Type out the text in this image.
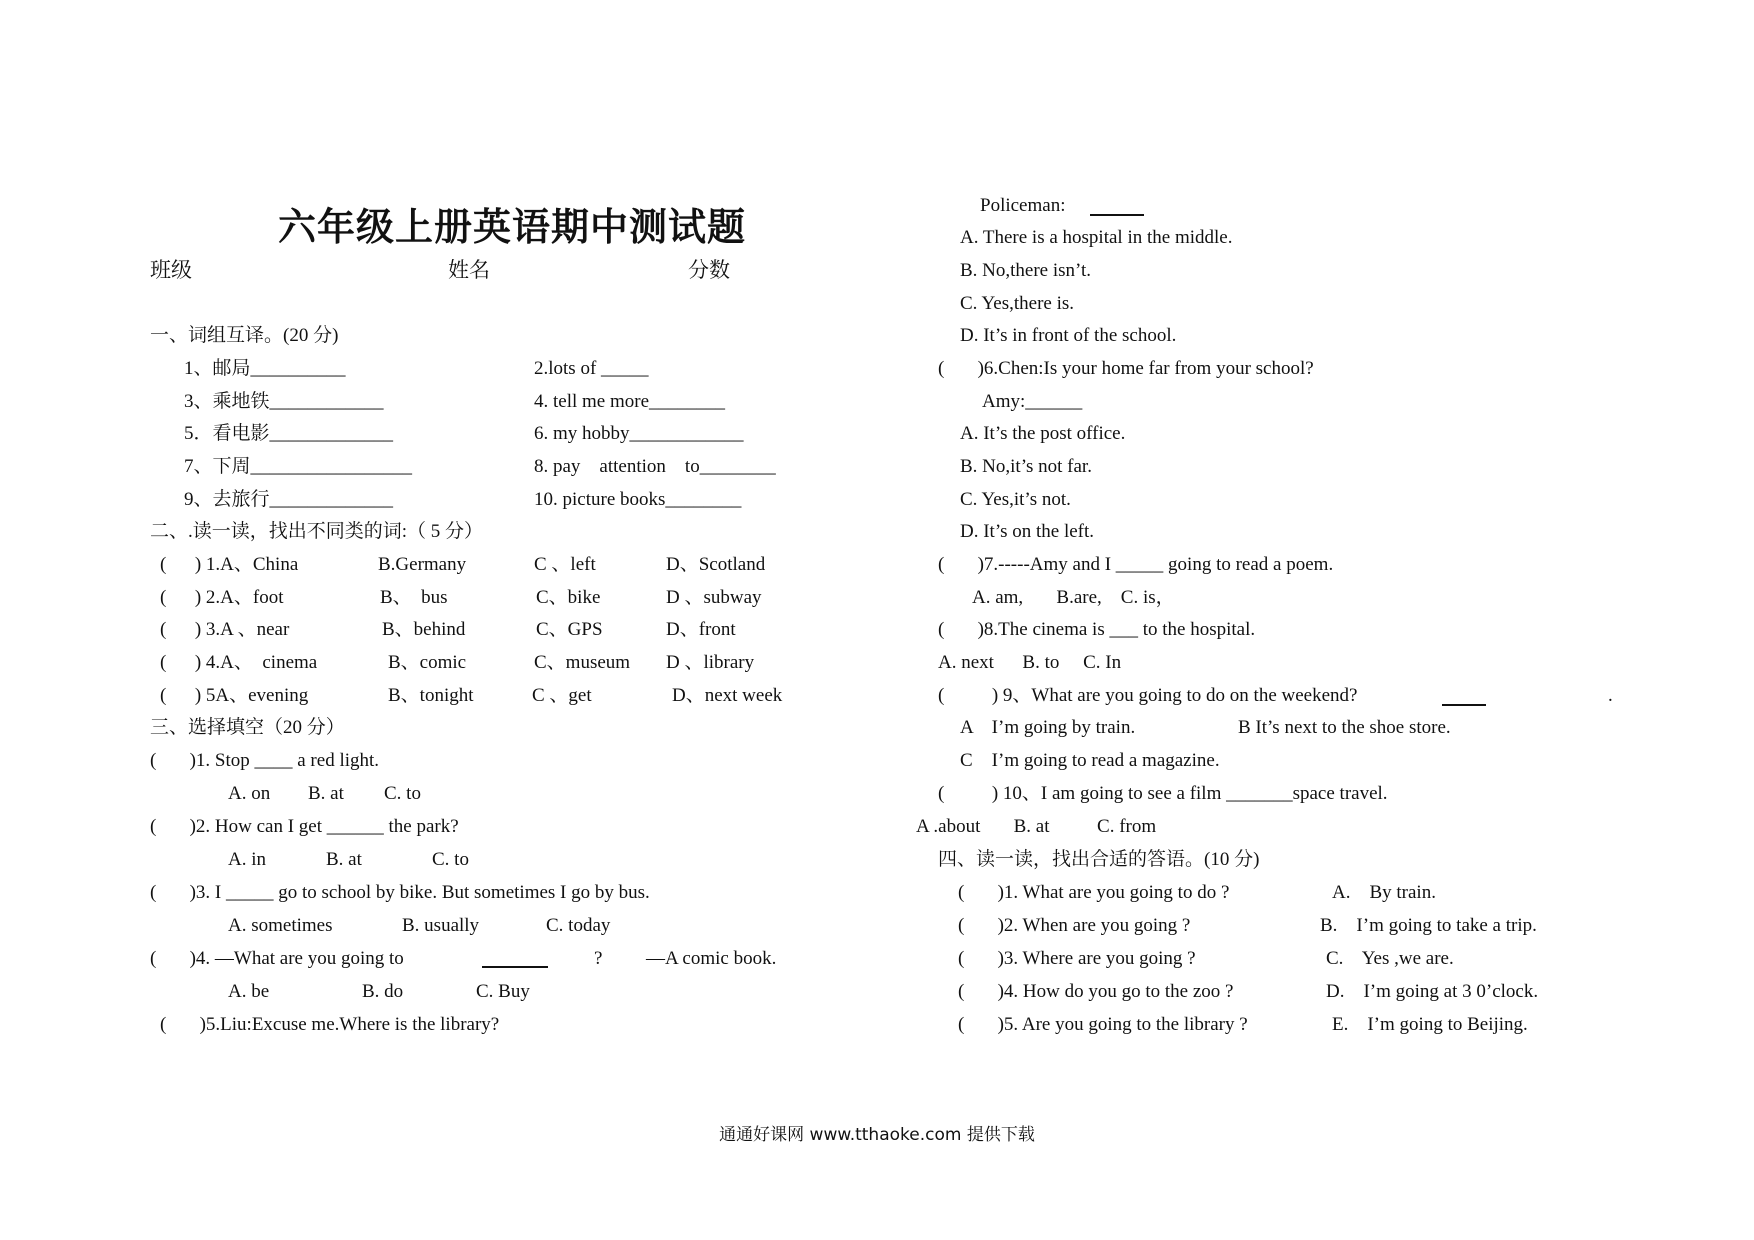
六年级上册英语期中测试题
班级	姓名	分数
一、词组互译。(20 分)
1、邮局__________	2.lots of _____
3、乘地铁____________	4. tell me more________
5．看电影_____________	6. my hobby____________
7、下周_________________	8. pay    attention    to________
9、去旅行_____________	10. picture books________
二、.读一读，找出不同类的词:（ 5 分）
(      ) 1.A、China	B.Germany	C 、left	D、Scotland
(      ) 2.A、foot	B、  bus	C、bike	D 、subway
(      ) 3.A 、near	B、behind	C、GPS	D、front
(      ) 4.A、  cinema	B、comic	C、museum D 、library
(      ) 5A、evening	B、tonight	C 、get	D、next week
三、选择填空（20 分）
(       )1. Stop ____ a red light.
A. on B. at C. to
(       )2. How can I get ______ the park?
A. in	B. at	C. to
(       )3. I _____ go to school by bike. But sometimes I go by bus.
A. sometimes	B. usually	C. today
(       )4. —What are you going to	? —A comic book.
A. be	B. do	C. Buy
(       )5.Liu:Excuse me.Where is the library?
Policeman:
A. There is a hospital in the middle.
B. No,there isn’t.
C. Yes,there is.
D. It’s in front of the school.
(       )6.Chen:Is your home far from your school?
Amy:______
A. It’s the post office.
B. No,it’s not far.
C. Yes,it’s not.
D. It’s on the left.
(       )7.-----Amy and I _____ going to read a poem.
A. am,       B.are,    C. is，
(       )8.The cinema is ___ to the hospital.
A. next      B. to     C. In
(          ) 9、What are you going to do on the weekend?	.
A    I’m going by train.	B It’s next to the shoe store.
C    I’m going to read a magazine.
(          ) 10、I am going to see a film _______space travel.
A .about       B. at          C. from
四、读一读，找出合适的答语。(10 分)
(       )1. What are you going to do ?	A.    By train.
(       )2. When are you going ?	B.    I’m going to take a trip.
(       )3. Where are you going ?	C.    Yes ,we are.
(       )4. How do you go to the zoo ?	D.    I’m going at 3 0’clock.
(       )5. Are you going to the library ?	E.    I’m going to Beijing.
通通好课网 www.tthaoke.com 提供下载
